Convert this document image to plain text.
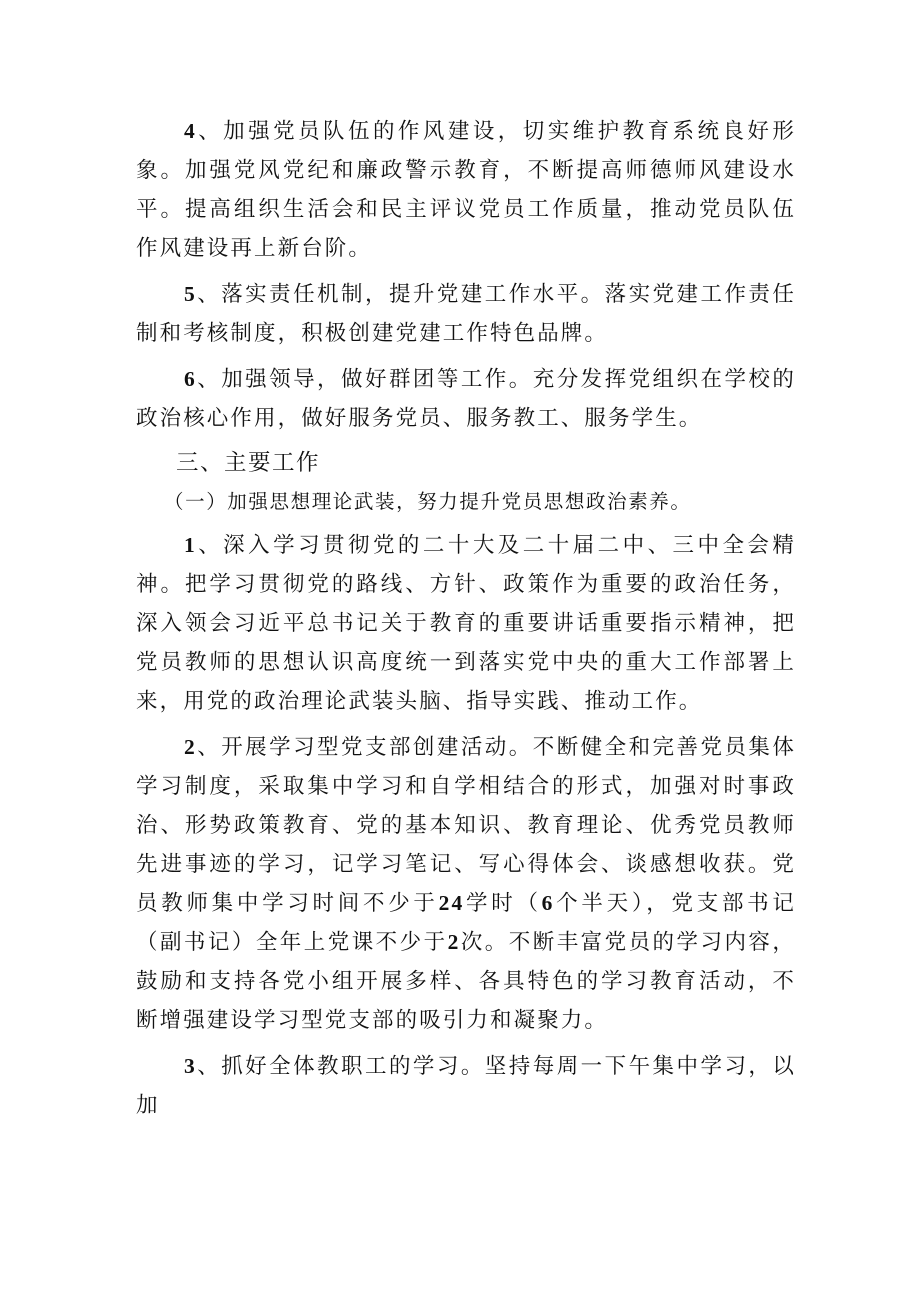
4、加强党员队伍的作风建设，切实维护教育系统良好形象。加强党风党纪和廉政警示教育，不断提高师德师风建设水平。提高组织生活会和民主评议党员工作质量，推动党员队伍作风建设再上新台阶。

5、落实责任机制，提升党建工作水平。落实党建工作责任制和考核制度，积极创建党建工作特色品牌。

6、加强领导，做好群团等工作。充分发挥党组织在学校的政治核心作用，做好服务党员、服务教工、服务学生。

三、主要工作

（一）加强思想理论武装，努力提升党员思想政治素养。

1、深入学习贯彻党的二十大及二十届二中、三中全会精神。把学习贯彻党的路线、方针、政策作为重要的政治任务，深入领会习近平总书记关于教育的重要讲话重要指示精神，把党员教师的思想认识高度统一到落实党中央的重大工作部署上来，用党的政治理论武装头脑、指导实践、推动工作。

2、开展学习型党支部创建活动。不断健全和完善党员集体学习制度，采取集中学习和自学相结合的形式，加强对时事政治、形势政策教育、党的基本知识、教育理论、优秀党员教师先进事迹的学习，记学习笔记、写心得体会、谈感想收获。党员教师集中学习时间不少于24学时（6个半天），党支部书记（副书记）全年上党课不少于2次。不断丰富党员的学习内容，鼓励和支持各党小组开展多样、各具特色的学习教育活动，不断增强建设学习型党支部的吸引力和凝聚力。

3、抓好全体教职工的学习。坚持每周一下午集中学习，以加
